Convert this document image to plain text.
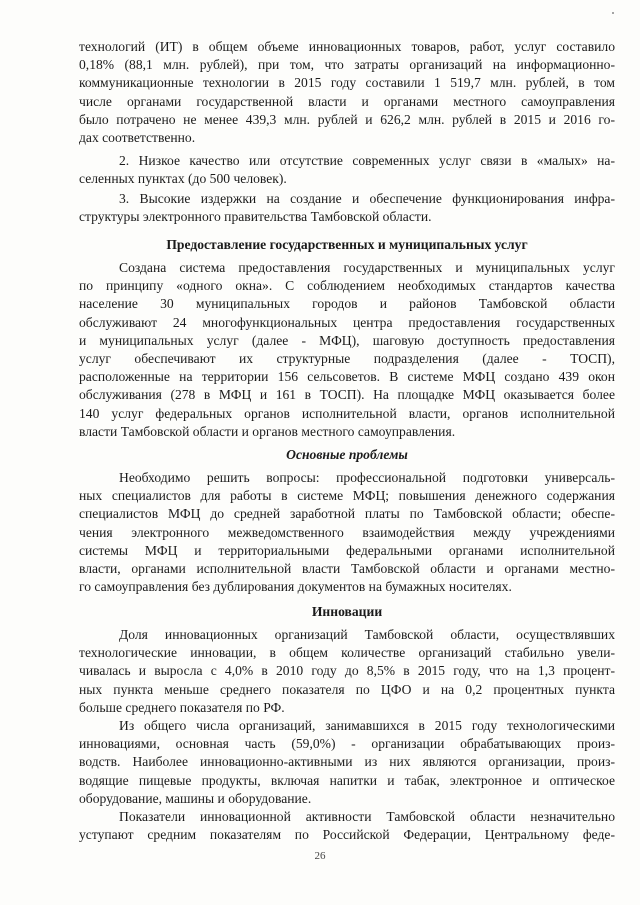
технологий (ИТ) в общем объеме инновационных товаров, работ, услуг составило

0,18% (88,1 млн. рублей), при том, что затраты организаций на информационно-

коммуникационные технологии в 2015 году составили 1 519,7 млн. рублей, в том

числе органами государственной власти и органами местного самоуправления

было потрачено не менее 439,3 млн. рублей и 626,2 млн. рублей в 2015 и 2016 го-

дах соответственно.

2. Низкое качество или отсутствие современных услуг связи в «малых» на-

селенных пунктах (до 500 человек).

3. Высокие издержки на создание и обеспечение функционирования инфра-

структуры электронного правительства Тамбовской области.

Предоставление государственных и муниципальных услуг

Создана система предоставления государственных и муниципальных услуг

по принципу «одного окна». С соблюдением необходимых стандартов качества

население 30 муниципальных городов и районов Тамбовской области

обслуживают 24 многофункциональных центра предоставления государственных

и муниципальных услуг (далее - МФЦ), шаговую доступность предоставления

услуг обеспечивают их структурные подразделения (далее - ТОСП),

расположенные на территории 156 сельсоветов. В системе МФЦ создано 439 окон

обслуживания (278 в МФЦ и 161 в ТОСП). На площадке МФЦ оказывается более

140 услуг федеральных органов исполнительной власти, органов исполнительной

власти Тамбовской области и органов местного самоуправления.

Основные проблемы

Необходимо решить вопросы: профессиональной подготовки универсаль-

ных специалистов для работы в системе МФЦ; повышения денежного содержания

специалистов МФЦ до средней заработной платы по Тамбовской области; обеспе-

чения электронного межведомственного взаимодействия между учреждениями

системы МФЦ и территориальными федеральными органами исполнительной

власти, органами исполнительной власти Тамбовской области и органами местно-

го самоуправления без дублирования документов на бумажных носителях.

Инновации

Доля инновационных организаций Тамбовской области, осуществлявших

технологические инновации, в общем количестве организаций стабильно увели-

чивалась и выросла с 4,0% в 2010 году до 8,5% в 2015 году, что на 1,3 процент-

ных пункта меньше среднего показателя по ЦФО и на 0,2 процентных пункта

больше среднего показателя по РФ.

Из общего числа организаций, занимавшихся в 2015 году технологическими

инновациями, основная часть (59,0%) - организации обрабатывающих произ-

водств. Наиболее инновационно-активными из них являются организации, произ-

водящие пищевые продукты, включая напитки и табак, электронное и оптическое

оборудование, машины и оборудование.

Показатели инновационной активности Тамбовской области незначительно

уступают средним показателям по Российской Федерации, Центральному феде-

26
